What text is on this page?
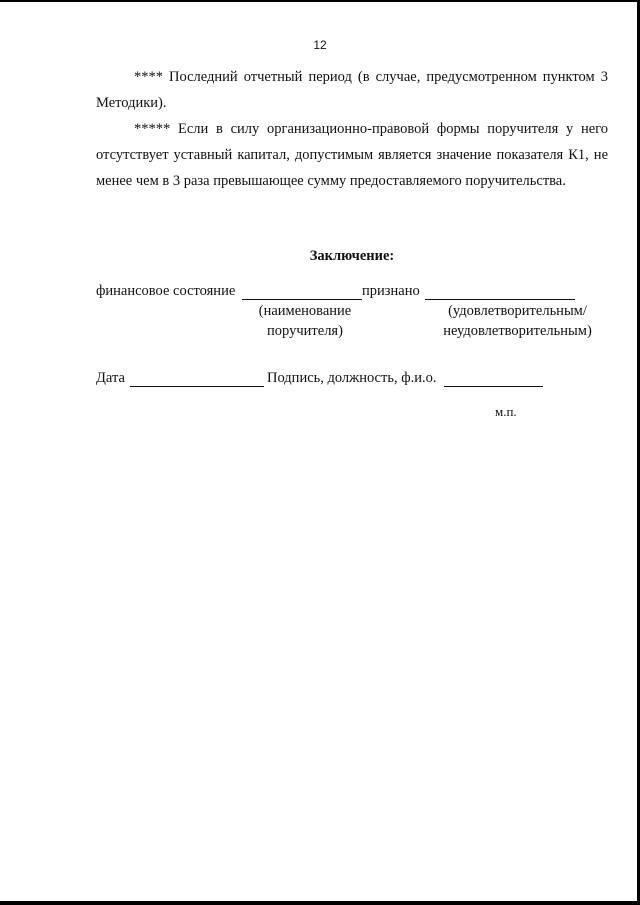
12

**** Последний отчетный период (в случае, предусмотренном пунктом 3 Методики).

***** Если в силу организационно-правовой формы поручителя у него отсутствует уставный капитал, допустимым является значение показателя К1, не менее чем в 3 раза превышающее сумму предоставляемого поручительства.

Заключение:
финансовое состояние	признано
(наименование
поручителя)
(удовлетворительным/
неудовлетворительным)
Дата	Подпись, должность, ф.и.о.
м.п.
